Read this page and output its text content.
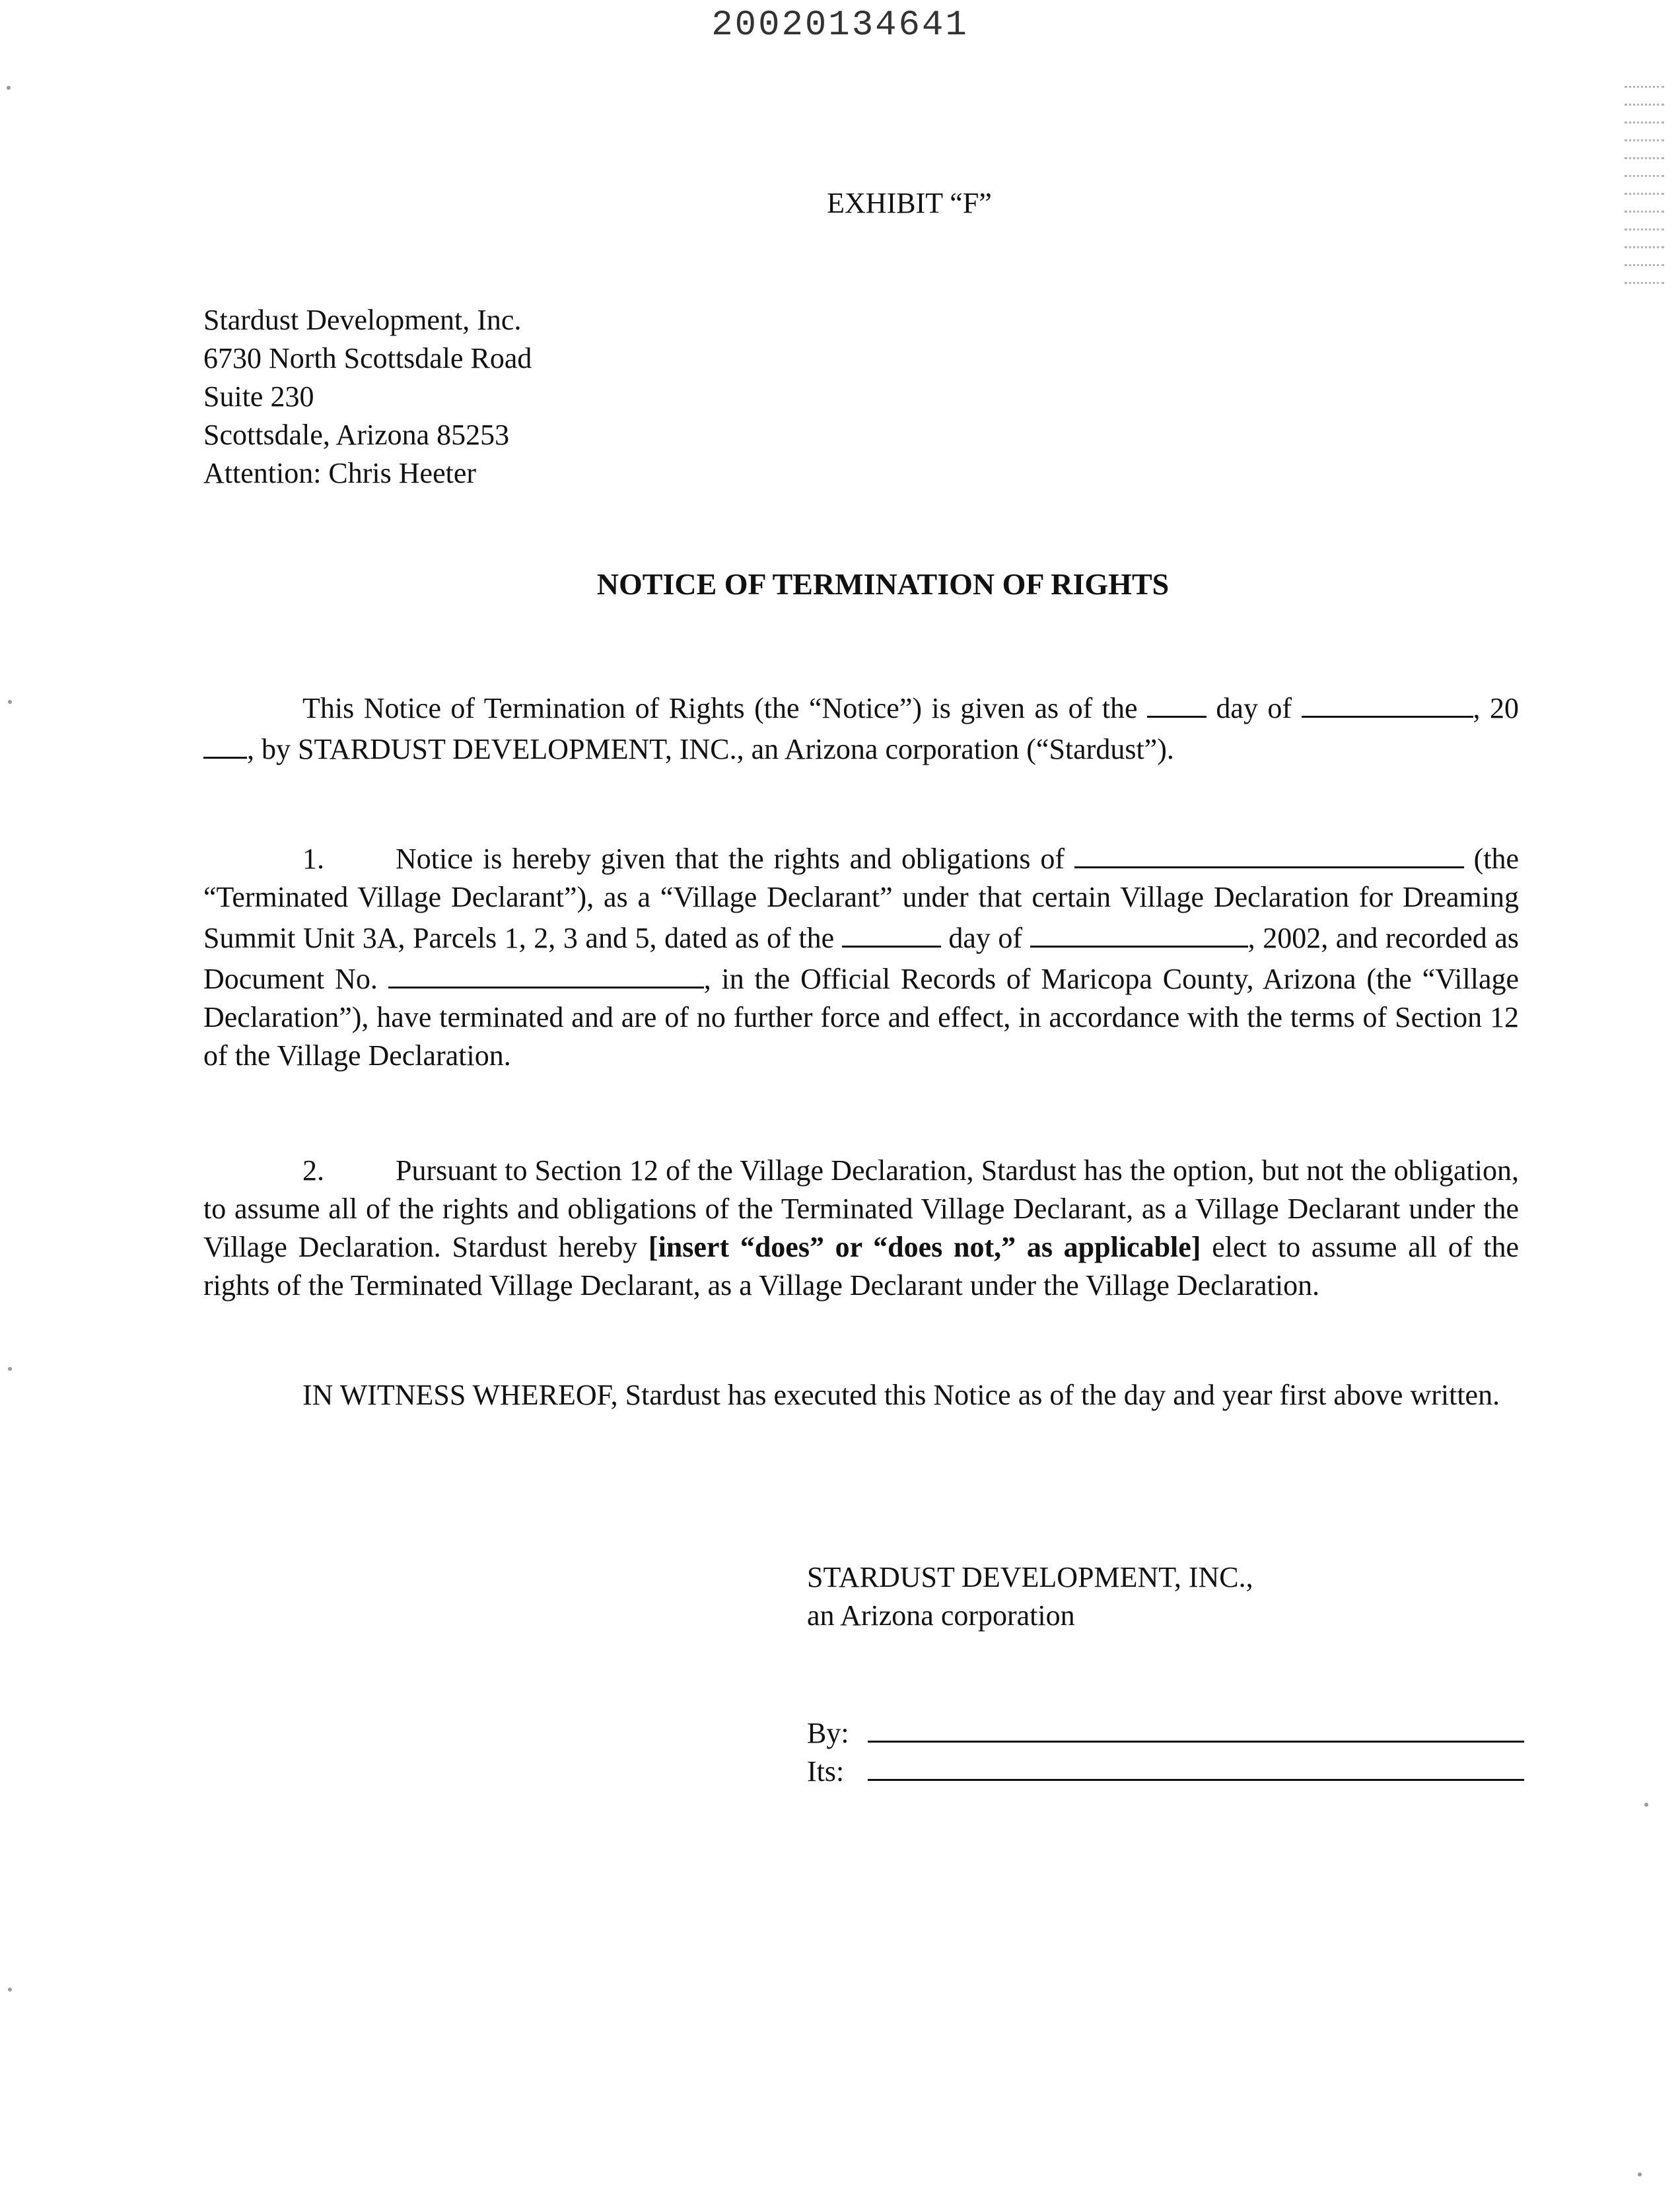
20020134641
EXHIBIT “F”
Stardust Development, Inc.
6730 North Scottsdale Road
Suite 230
Scottsdale, Arizona 85253
Attention: Chris Heeter
NOTICE OF TERMINATION OF RIGHTS
This Notice of Termination of Rights (the “Notice”) is given as of the	day of	, 20, by STARDUST DEVELOPMENT, INC., an Arizona corporation (“Stardust”).
1. Notice is hereby given that the rights and obligations of	(the “Terminated Village Declarant”), as a “Village Declarant” under that certain Village Declaration for Dreaming Summit Unit 3A, Parcels 1, 2, 3 and 5, dated as of the	day of	, 2002, and recorded as Document No.	, in the Official Records of Maricopa County, Arizona (the “Village Declaration”), have terminated and are of no further force and effect, in accordance with the terms of Section 12 of the Village Declaration.
2. Pursuant to Section 12 of the Village Declaration, Stardust has the option, but not the obligation, to assume all of the rights and obligations of the Terminated Village Declarant, as a Village Declarant under the Village Declaration. Stardust hereby [insert “does” or “does not,” as applicable] elect to assume all of the rights of the Terminated Village Declarant, as a Village Declarant under the Village Declaration.
IN WITNESS WHEREOF, Stardust has executed this Notice as of the day and year first above written.
STARDUST DEVELOPMENT, INC.,
an Arizona corporation
By:
Its:
